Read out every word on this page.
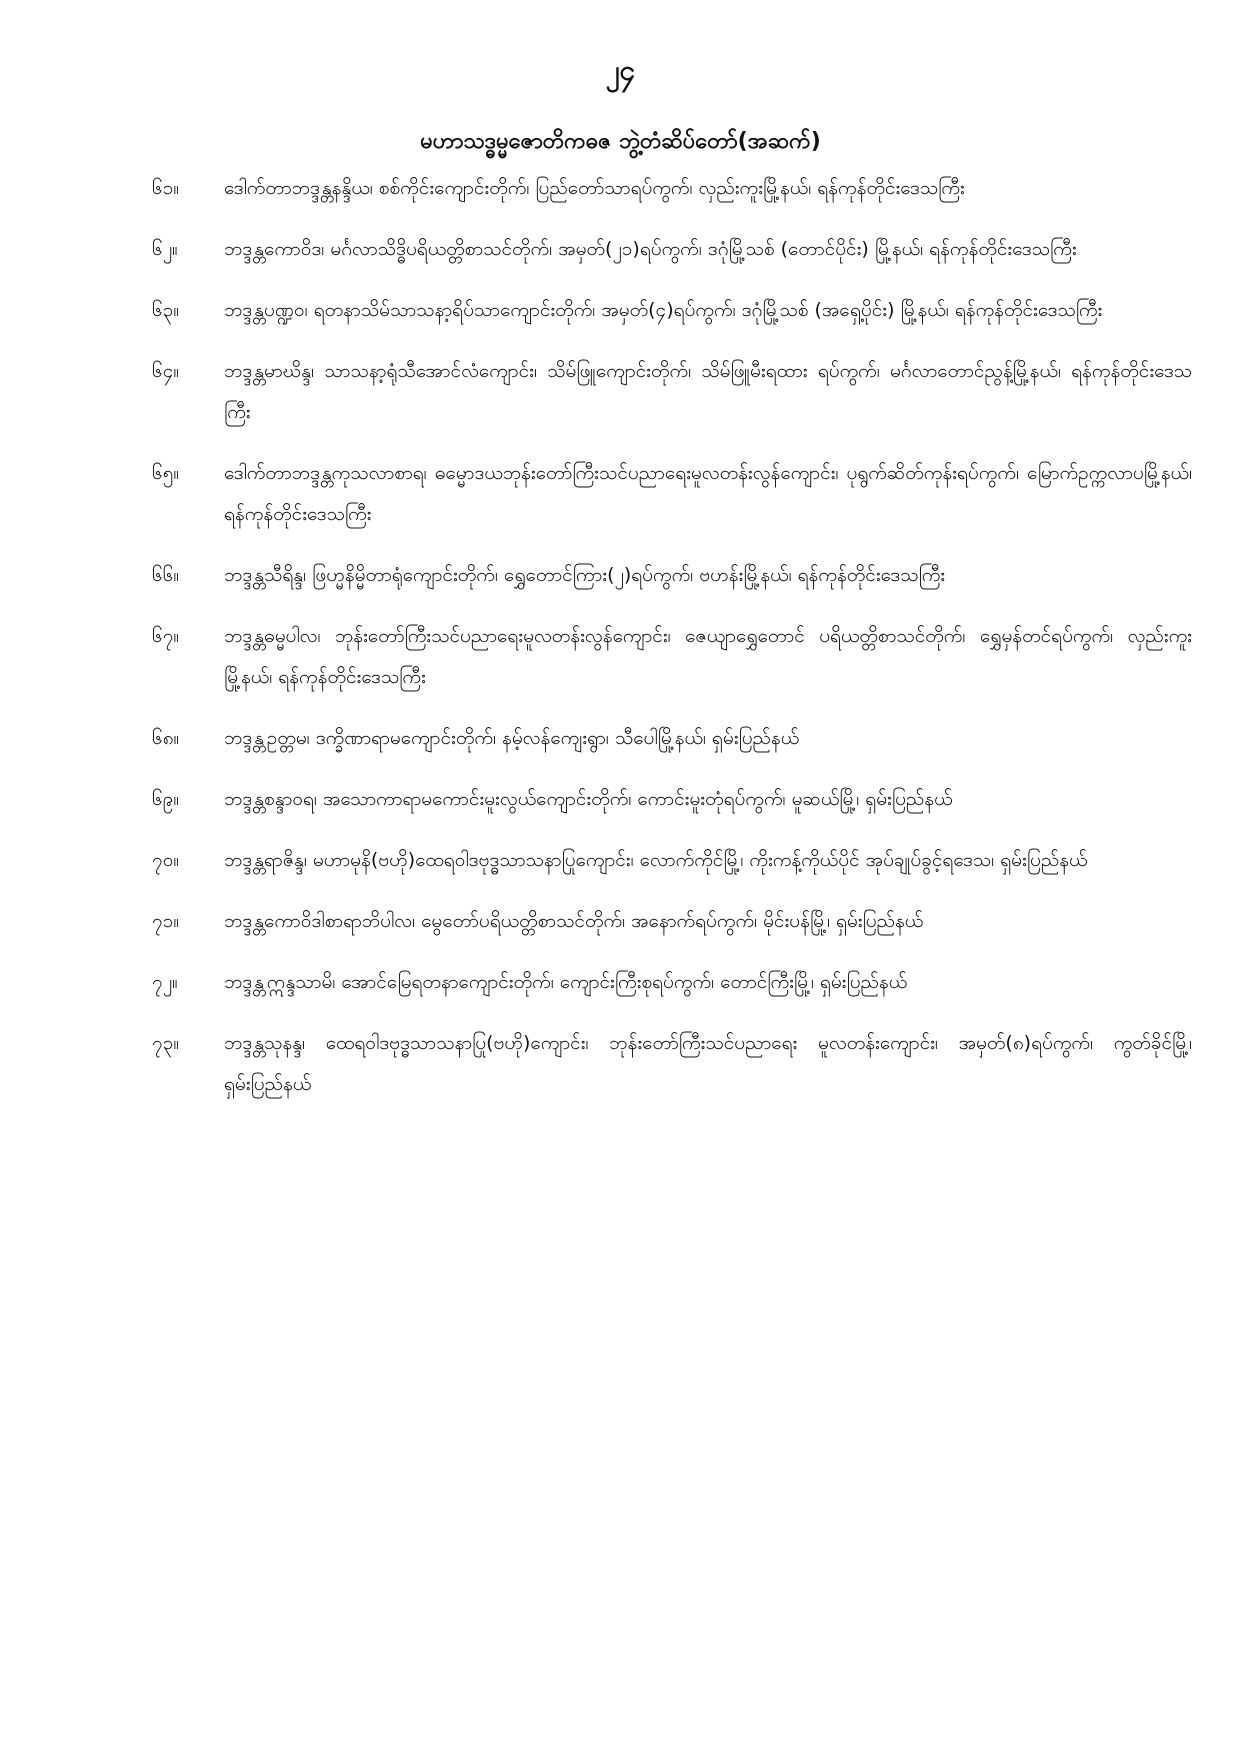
၂၄
မဟာသဒ္ဓမ္မဇောတိကဓဇ ဘွဲ့တံဆိပ်တော်(အဆက်)
၆၁။	ဒေါက်တာဘဒ္ဒန္တနန္ဒိယ၊ စစ်ကိုင်းကျောင်းတိုက်၊ ပြည်တော်သာရပ်ကွက်၊ လှည်းကူးမြို့နယ်၊ ရန်ကုန်တိုင်းဒေသကြီး
၆၂။	ဘဒ္ဒန္တကောဝိဒ၊ မင်္ဂလာသိဒ္ဓိပရိယတ္တိစာသင်တိုက်၊ အမှတ်(၂၁)ရပ်ကွက်၊ ဒဂုံမြို့သစ် (တောင်ပိုင်း) မြို့နယ်၊ ရန်ကုန်တိုင်းဒေသကြီး
၆၃။	ဘဒ္ဒန္တပဏ္ဍဝ၊ ရတနာသိမ်သာသနာ့ရိပ်သာကျောင်းတိုက်၊ အမှတ်(၄)ရပ်ကွက်၊ ဒဂုံမြို့သစ် (အရှေ့ပိုင်း) မြို့နယ်၊ ရန်ကုန်တိုင်းဒေသကြီး
၆၄။	ဘဒ္ဒန္တမာဃိန္ဒ၊ သာသနာ့ရုံသီအောင်လံကျောင်း၊ သိမ်ဖြူကျောင်းတိုက်၊ သိမ်ဖြူမီးရထား ရပ်ကွက်၊ မင်္ဂလာတောင်ညွန့်မြို့နယ်၊ ရန်ကုန်တိုင်းဒေသကြီး
၆၅။	ဒေါက်တာဘဒ္ဒန္တကုသလာစာရ၊ ဓမ္မောဒယဘုန်းတော်ကြီးသင်ပညာရေးမူလတန်းလွန်ကျောင်း၊ ပုရွက်ဆိတ်ကုန်းရပ်ကွက်၊ မြောက်ဥက္ကလာပမြို့နယ်၊ ရန်ကုန်တိုင်းဒေသကြီး
၆၆။	ဘဒ္ဒန္တသီရိန္ဒ၊ ဖြဟ္မနိမ္မိတာရုံကျောင်းတိုက်၊ ရွှေတောင်ကြား(၂)ရပ်ကွက်၊ ဗဟန်းမြို့နယ်၊ ရန်ကုန်တိုင်းဒေသကြီး
၆၇။	ဘဒ္ဒန္တဓမ္မပါလ၊ ဘုန်းတော်ကြီးသင်ပညာရေးမူလတန်းလွန်ကျောင်း၊ ဇေယျာရွှေတောင် ပရိယတ္တိစာသင်တိုက်၊ ရွှေမှန်တင်ရပ်ကွက်၊ လှည်းကူးမြို့နယ်၊ ရန်ကုန်တိုင်းဒေသကြီး
၆၈။	ဘဒ္ဒန္တဥတ္တမ၊ ဒက္ခိဏာရာမကျောင်းတိုက်၊ နမ့်လန်ကျေးရွာ၊ သီပေါမြို့နယ်၊ ရှမ်းပြည်နယ်
၆၉။	ဘဒ္ဒန္တစန္ဒာဝရ၊ အသောကာရာမကောင်းမူးလွယ်ကျောင်းတိုက်၊ ကောင်းမူးတုံရပ်ကွက်၊ မူဆယ်မြို့၊ ရှမ်းပြည်နယ်
၇၀။	ဘဒ္ဒန္တရာဇိန္ဒ၊ မဟာမုနိ(ဗဟို)ထေရဝါဒဗုဒ္ဓသာသနာပြုကျောင်း၊ လောက်ကိုင်မြို့၊ ကိုးကန့်ကိုယ်ပိုင် အုပ်ချုပ်ခွင့်ရဒေသ၊ ရှမ်းပြည်နယ်
၇၁။	ဘဒ္ဒန္တကောဝိဒါစာရာဘိပါလ၊ မွေတော်ပရိယတ္တိစာသင်တိုက်၊ အနောက်ရပ်ကွက်၊ မိုင်းပန်မြို့၊ ရှမ်းပြည်နယ်
၇၂။	ဘဒ္ဒန္တဣန္ဒသာမိ၊ အောင်မြေရတနာကျောင်းတိုက်၊ ကျောင်းကြီးစုရပ်ကွက်၊ တောင်ကြီးမြို့၊ ရှမ်းပြည်နယ်
၇၃။	ဘဒ္ဒန္တသုနန္ဒ၊ ထေရဝါဒဗုဒ္ဓသာသနာပြု(ဗဟို)ကျောင်း၊ ဘုန်းတော်ကြီးသင်ပညာရေး မူလတန်းကျောင်း၊ အမှတ်(၈)ရပ်ကွက်၊ ကွတ်ခိုင်မြို့၊ ရှမ်းပြည်နယ်
